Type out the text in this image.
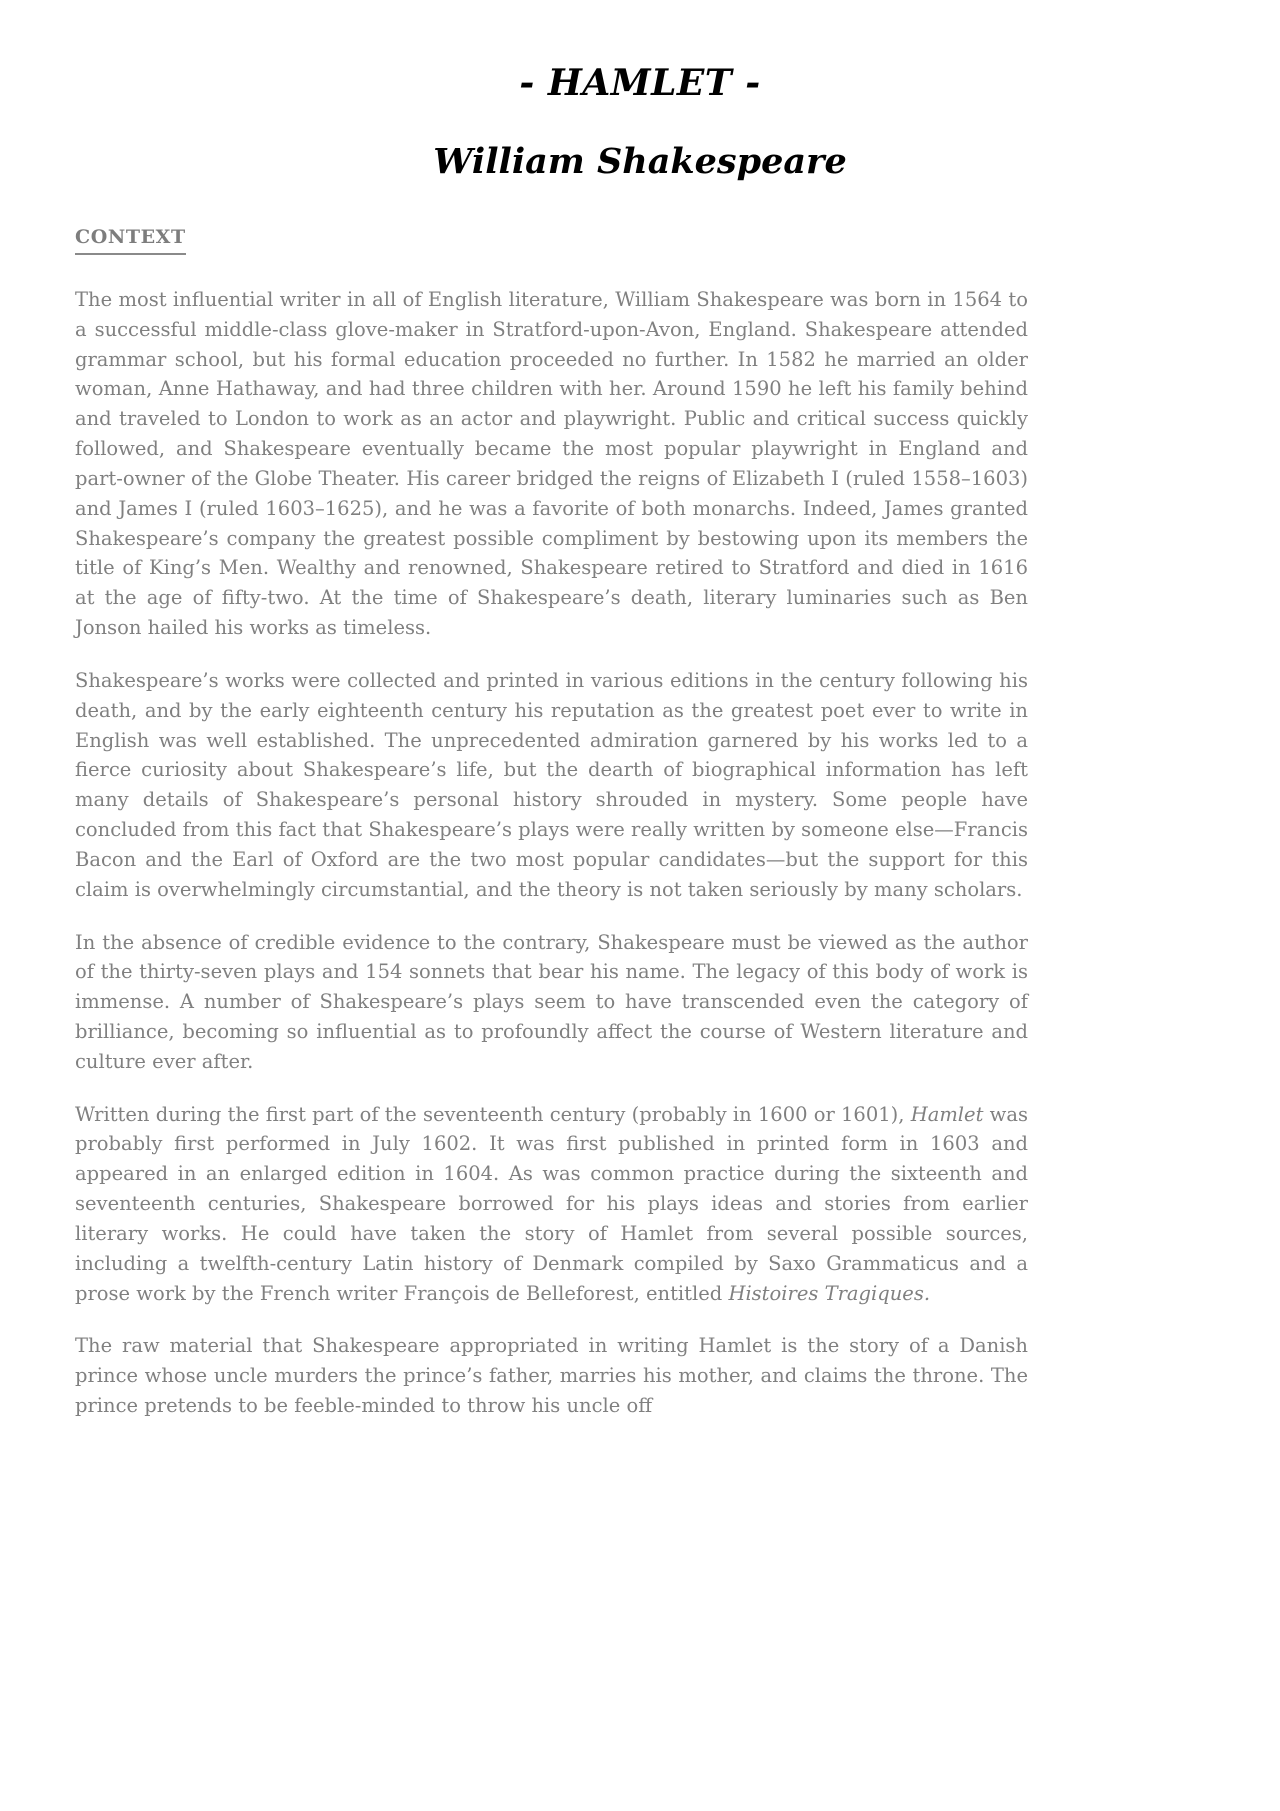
- HAMLET -
William Shakespeare
CONTEXT

The most influential writer in all of English literature, William Shakespeare was born in 1564 to a successful middle-class glove-maker in Stratford-upon-Avon, England. Shakespeare attended grammar school, but his formal education proceeded no further. In 1582 he married an older woman, Anne Hathaway, and had three children with her. Around 1590 he left his family behind and traveled to London to work as an actor and playwright. Public and critical success quickly followed, and Shakespeare eventually became the most popular playwright in England and part-owner of the Globe Theater. His career bridged the reigns of Elizabeth I (ruled 1558–1603) and James I (ruled 1603–1625), and he was a favorite of both monarchs. Indeed, James granted Shakespeare’s company the greatest possible compliment by bestowing upon its members the title of King’s Men. Wealthy and renowned, Shakespeare retired to Stratford and died in 1616 at the age of fifty-two. At the time of Shakespeare’s death, literary luminaries such as Ben Jonson hailed his works as timeless.

Shakespeare’s works were collected and printed in various editions in the century following his death, and by the early eighteenth century his reputation as the greatest poet ever to write in English was well established. The unprecedented admiration garnered by his works led to a fierce curiosity about Shakespeare’s life, but the dearth of biographical information has left many details of Shakespeare’s personal history shrouded in mystery. Some people have concluded from this fact that Shakespeare’s plays were really written by someone else—Francis Bacon and the Earl of Oxford are the two most popular candidates—but the support for this claim is overwhelmingly circumstantial, and the theory is not taken seriously by many scholars.

In the absence of credible evidence to the contrary, Shakespeare must be viewed as the author of the thirty-seven plays and 154 sonnets that bear his name. The legacy of this body of work is immense. A number of Shakespeare’s plays seem to have transcended even the category of brilliance, becoming so influential as to profoundly affect the course of Western literature and culture ever after.

Written during the first part of the seventeenth century (probably in 1600 or 1601), Hamlet was probably first performed in July 1602. It was first published in printed form in 1603 and appeared in an enlarged edition in 1604. As was common practice during the sixteenth and seventeenth centuries, Shakespeare borrowed for his plays ideas and stories from earlier literary works. He could have taken the story of Hamlet from several possible sources, including a twelfth-century Latin history of Denmark compiled by Saxo Grammaticus and a prose work by the French writer François de Belleforest, entitled Histoires Tragiques.

The raw material that Shakespeare appropriated in writing Hamlet is the story of a Danish prince whose uncle murders the prince’s father, marries his mother, and claims the throne. The prince pretends to be feeble-minded to throw his uncle off
